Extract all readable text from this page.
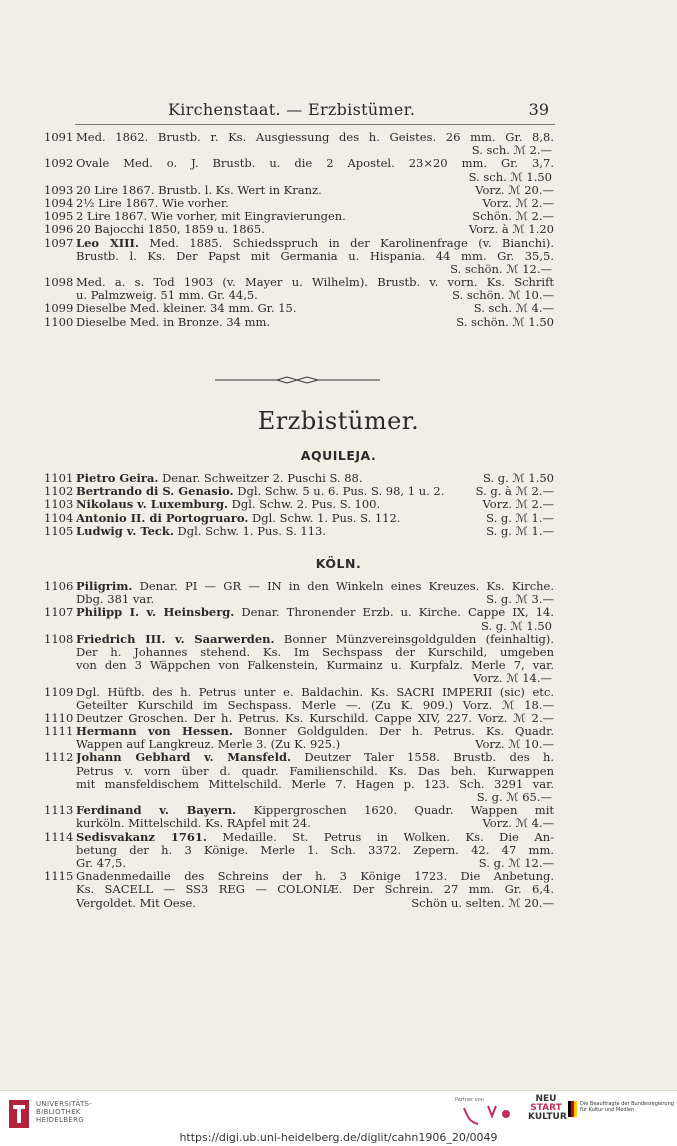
Kirchenstaat. — Erzbistümer.	39
1091 Med. 1862. Brustb. r. Ks. Ausgiessung des h. Geistes. 26 mm. Gr. 8,8.
S. sch. ℳ 2.—
1092 Ovale Med. o. J. Brustb. u. die 2 Apostel. 23×20 mm. Gr. 3,7.
S. sch. ℳ 1.50
1093 20 Lire 1867. Brustb. l. Ks. Wert in Kranz.	Vorz. ℳ 20.—
1094 2½ Lire 1867. Wie vorher.	Vorz. ℳ 2.—
1095 2 Lire 1867. Wie vorher, mit Eingravierungen.	Schön. ℳ 2.—
1096 20 Bajocchi 1850, 1859 u. 1865.	Vorz. à ℳ 1.20
1097 Leo XIII. Med. 1885. Schiedsspruch in der Karolinenfrage (v. Bianchi).
Brustb. l. Ks. Der Papst mit Germania u. Hispania. 44 mm. Gr. 35,5.
S. schön. ℳ 12.—
1098 Med. a. s. Tod 1903 (v. Mayer u. Wilhelm). Brustb. v. vorn. Ks. Schrift
u. Palmzweig. 51 mm. Gr. 44,5.	S. schön. ℳ 10.—
1099 Dieselbe Med. kleiner. 34 mm. Gr. 15.	S. sch. ℳ 4.—
1100 Dieselbe Med. in Bronze. 34 mm.	S. schön. ℳ 1.50
Erzbistümer.
AQUILEJA.
1101 Pietro Geira. Denar. Schweitzer 2. Puschi S. 88.	S. g. ℳ 1.50
1102 Bertrando di S. Genasio. Dgl. Schw. 5 u. 6. Pus. S. 98, 1 u. 2.	S. g. à ℳ 2.—
1103 Nikolaus v. Luxemburg. Dgl. Schw. 2. Pus. S. 100.	Vorz. ℳ 2.—
1104 Antonio II. di Portogruaro. Dgl. Schw. 1. Pus. S. 112.	S. g. ℳ 1.—
1105 Ludwig v. Teck. Dgl. Schw. 1. Pus. S. 113.	S. g. ℳ 1.—
KÖLN.
1106 Piligrim. Denar. PI — GR — IN in den Winkeln eines Kreuzes. Ks. Kirche.
Dbg. 381 var.	S. g. ℳ 3.—
1107 Philipp I. v. Heinsberg. Denar. Thronender Erzb. u. Kirche. Cappe IX, 14.
S. g. ℳ 1.50
1108 Friedrich III. v. Saarwerden. Bonner Münzvereinsgoldgulden (feinhaltig).
Der h. Johannes stehend. Ks. Im Sechspass der Kurschild, umgeben
von den 3 Wäppchen von Falkenstein, Kurmainz u. Kurpfalz. Merle 7, var.
Vorz. ℳ 14.—
1109 Dgl. Hüftb. des h. Petrus unter e. Baldachin. Ks. SACRI IMPERII (sic) etc.
Geteilter Kurschild im Sechspass. Merle —. (Zu K. 909.) Vorz. ℳ 18.—
1110 Deutzer Groschen. Der h. Petrus. Ks. Kurschild. Cappe XIV, 227. Vorz. ℳ 2.—
1111 Hermann von Hessen. Bonner Goldgulden. Der h. Petrus. Ks. Quadr.
Wappen auf Langkreuz. Merle 3. (Zu K. 925.)	Vorz. ℳ 10.—
1112 Johann Gebhard v. Mansfeld. Deutzer Taler 1558. Brustb. des h.
Petrus v. vorn über d. quadr. Familienschild. Ks. Das beh. Kurwappen
mit mansfeldischem Mittelschild. Merle 7. Hagen p. 123. Sch. 3291 var.
S. g. ℳ 65.—
1113 Ferdinand v. Bayern. Kippergroschen 1620. Quadr. Wappen mit
kurköln. Mittelschild. Ks. RApfel mit 24.	Vorz. ℳ 4.—
1114 Sedisvakanz 1761. Medaille. St. Petrus in Wolken. Ks. Die An-
betung der h. 3 Könige. Merle 1. Sch. 3372. Zepern. 42. 47 mm.
Gr. 47,5.	S. g. ℳ 12.—
1115 Gnadenmedaille des Schreins der h. 3 Könige 1723. Die Anbetung.
Ks. SACELL — SS3 REG — COLONIÆ. Der Schrein. 27 mm. Gr. 6,4.
Vergoldet. Mit Oese.	Schön u. selten. ℳ 20.—
UNIVERSITÄTS-
BIBLIOTHEK
HEIDELBERG
Partner von	NEU
START
KULTUR
Die Beauftragte der Bundesregierung
für Kultur und Medien
https://digi.ub.uni-heidelberg.de/diglit/cahn1906_20/0049
